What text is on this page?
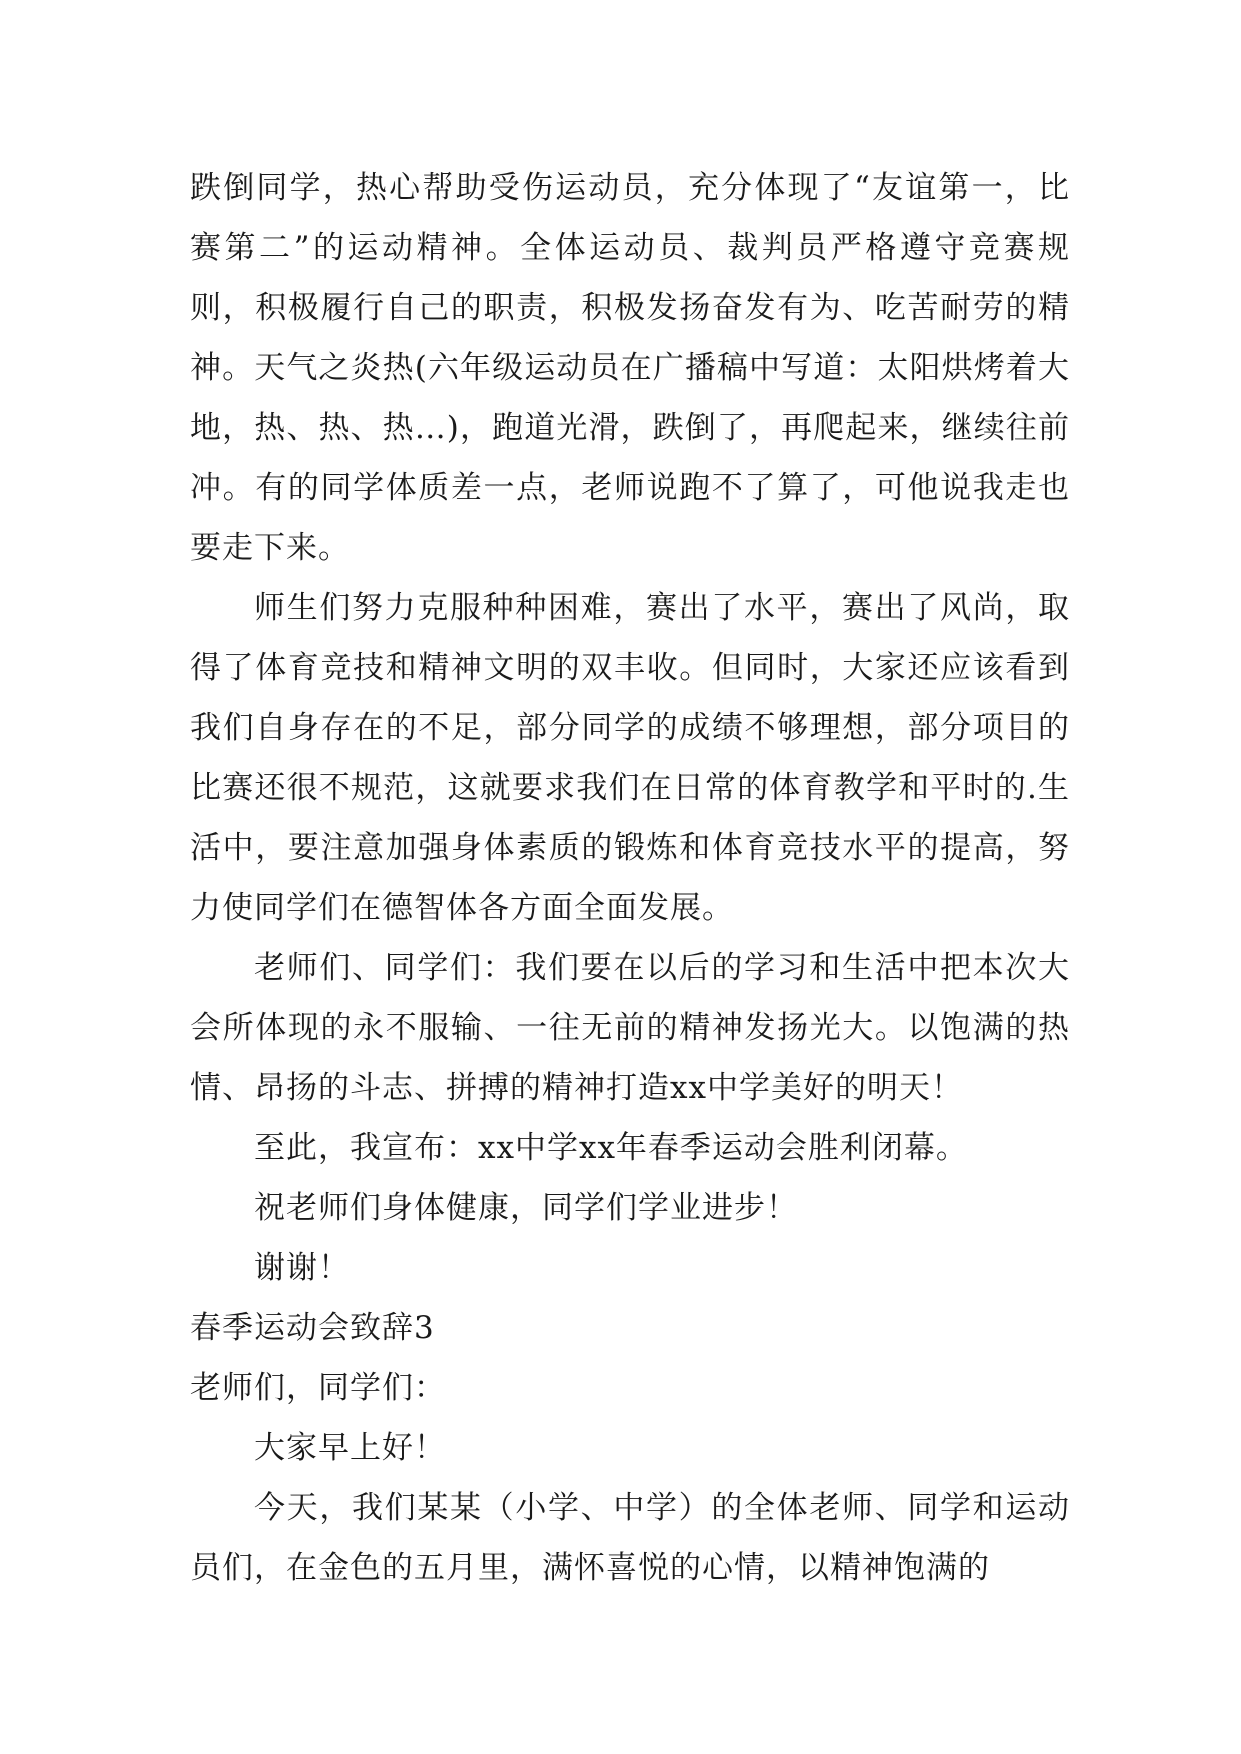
跌倒同学，热心帮助受伤运动员，充分体现了“友谊第一，比赛第二”的运动精神。全体运动员、裁判员严格遵守竞赛规则，积极履行自己的职责，积极发扬奋发有为、吃苦耐劳的精神。天气之炎热(六年级运动员在广播稿中写道：太阳烘烤着大地，热、热、热…)，跑道光滑，跌倒了，再爬起来，继续往前冲。有的同学体质差一点，老师说跑不了算了，可他说我走也要走下来。

师生们努力克服种种困难，赛出了水平，赛出了风尚，取得了体育竞技和精神文明的双丰收。但同时，大家还应该看到我们自身存在的不足，部分同学的成绩不够理想，部分项目的比赛还很不规范，这就要求我们在日常的体育教学和平时的.生活中，要注意加强身体素质的锻炼和体育竞技水平的提高，努力使同学们在德智体各方面全面发展。

老师们、同学们：我们要在以后的学习和生活中把本次大会所体现的永不服输、一往无前的精神发扬光大。以饱满的热情、昂扬的斗志、拼搏的精神打造xx中学美好的明天！

至此，我宣布：xx中学xx年春季运动会胜利闭幕。

祝老师们身体健康，同学们学业进步！

谢谢！

春季运动会致辞3

老师们，同学们：

大家早上好！

今天，我们某某（小学、中学）的全体老师、同学和运动员们，在金色的五月里，满怀喜悦的心情，以精神饱满的
